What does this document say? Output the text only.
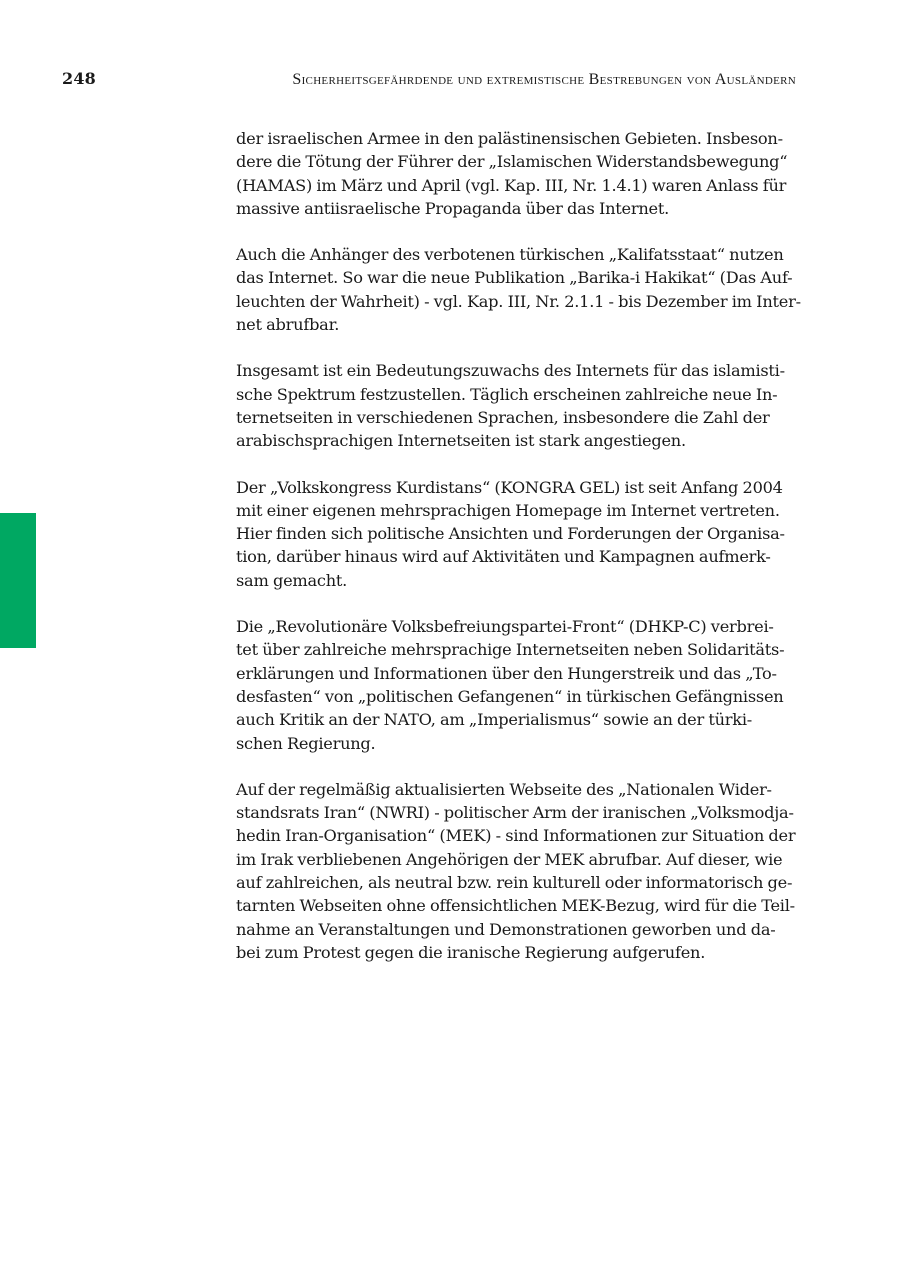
248	Sicherheitsgefährdende und extremistische Bestrebungen von Ausländern

der israelischen Armee in den palästinensischen Gebieten. Insbeson-
dere die Tötung der Führer der „Islamischen Widerstandsbewegung“
(HAMAS) im März und April (vgl. Kap. III, Nr. 1.4.1) waren Anlass für
massive antiisraelische Propaganda über das Internet.

Auch die Anhänger des verbotenen türkischen „Kalifatsstaat“ nutzen
das Internet. So war die neue Publikation „Barika-i Hakikat“ (Das Auf-
leuchten der Wahrheit) - vgl. Kap. III, Nr. 2.1.1 - bis Dezember im Inter-
net abrufbar.

Insgesamt ist ein Bedeutungszuwachs des Internets für das islamisti-
sche Spektrum festzustellen. Täglich erscheinen zahlreiche neue In-
ternetseiten in verschiedenen Sprachen, insbesondere die Zahl der
arabischsprachigen Internetseiten ist stark angestiegen.

Der „Volkskongress Kurdistans“ (KONGRA GEL) ist seit Anfang 2004
mit einer eigenen mehrsprachigen Homepage im Internet vertreten.
Hier finden sich politische Ansichten und Forderungen der Organisa-
tion, darüber hinaus wird auf Aktivitäten und Kampagnen aufmerk-
sam gemacht.

Die „Revolutionäre Volksbefreiungspartei-Front“ (DHKP-C) verbrei-
tet über zahlreiche mehrsprachige Internetseiten neben Solidaritäts-
erklärungen und Informationen über den Hungerstreik und das „To-
desfasten“ von „politischen Gefangenen“ in türkischen Gefängnissen
auch Kritik an der NATO, am „Imperialismus“ sowie an der türki-
schen Regierung.

Auf der regelmäßig aktualisierten Webseite des „Nationalen Wider-
standsrats Iran“ (NWRI) - politischer Arm der iranischen „Volksmodja-
hedin Iran-Organisation“ (MEK) - sind Informationen zur Situation der
im Irak verbliebenen Angehörigen der MEK abrufbar. Auf dieser, wie
auf zahlreichen, als neutral bzw. rein kulturell oder informatorisch ge-
tarnten Webseiten ohne offensichtlichen MEK-Bezug, wird für die Teil-
nahme an Veranstaltungen und Demonstrationen geworben und da-
bei zum Protest gegen die iranische Regierung aufgerufen.
